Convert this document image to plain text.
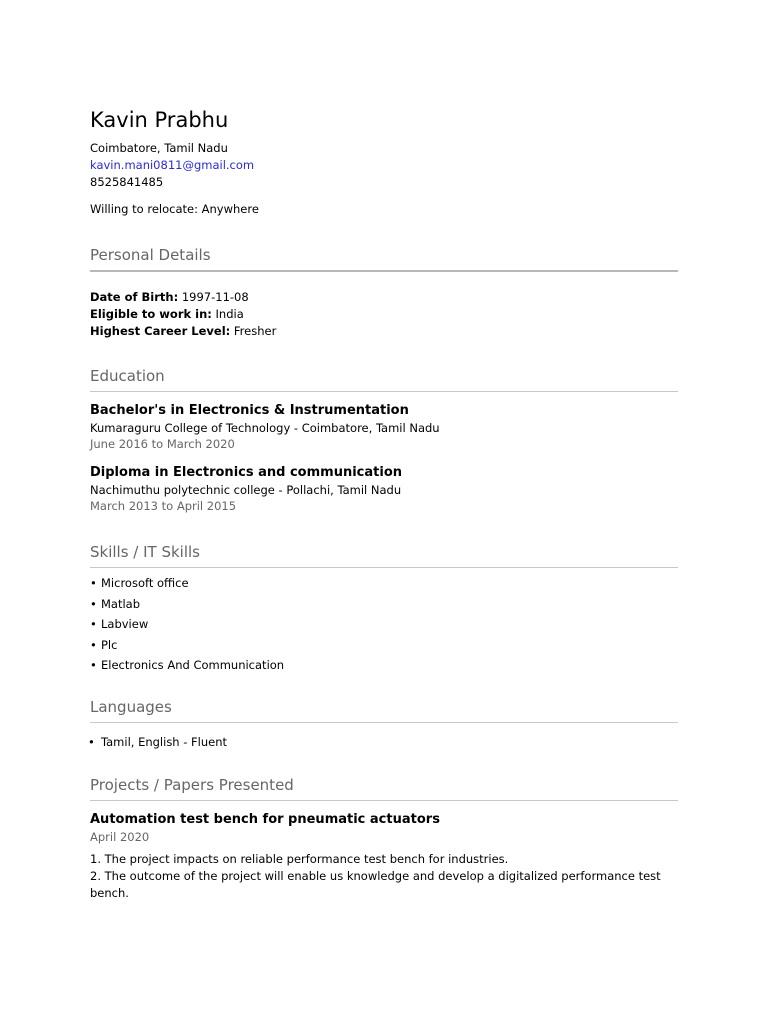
Kavin Prabhu
Coimbatore, Tamil Nadu
kavin.mani0811@gmail.com
8525841485
Willing to relocate: Anywhere
Personal Details
Date of Birth: 1997-11-08
Eligible to work in: India
Highest Career Level: Fresher
Education
Bachelor's in Electronics & Instrumentation
Kumaraguru College of Technology - Coimbatore, Tamil Nadu
June 2016 to March 2020
Diploma in Electronics and communication
Nachimuthu polytechnic college - Pollachi, Tamil Nadu
March 2013 to April 2015
Skills / IT Skills
• Microsoft office
• Matlab
• Labview
• Plc
• Electronics And Communication
Languages
• Tamil, English - Fluent
Projects / Papers Presented
Automation test bench for pneumatic actuators
April 2020
1. The project impacts on reliable performance test bench for industries.
2. The outcome of the project will enable us knowledge and develop a digitalized performance test bench.
